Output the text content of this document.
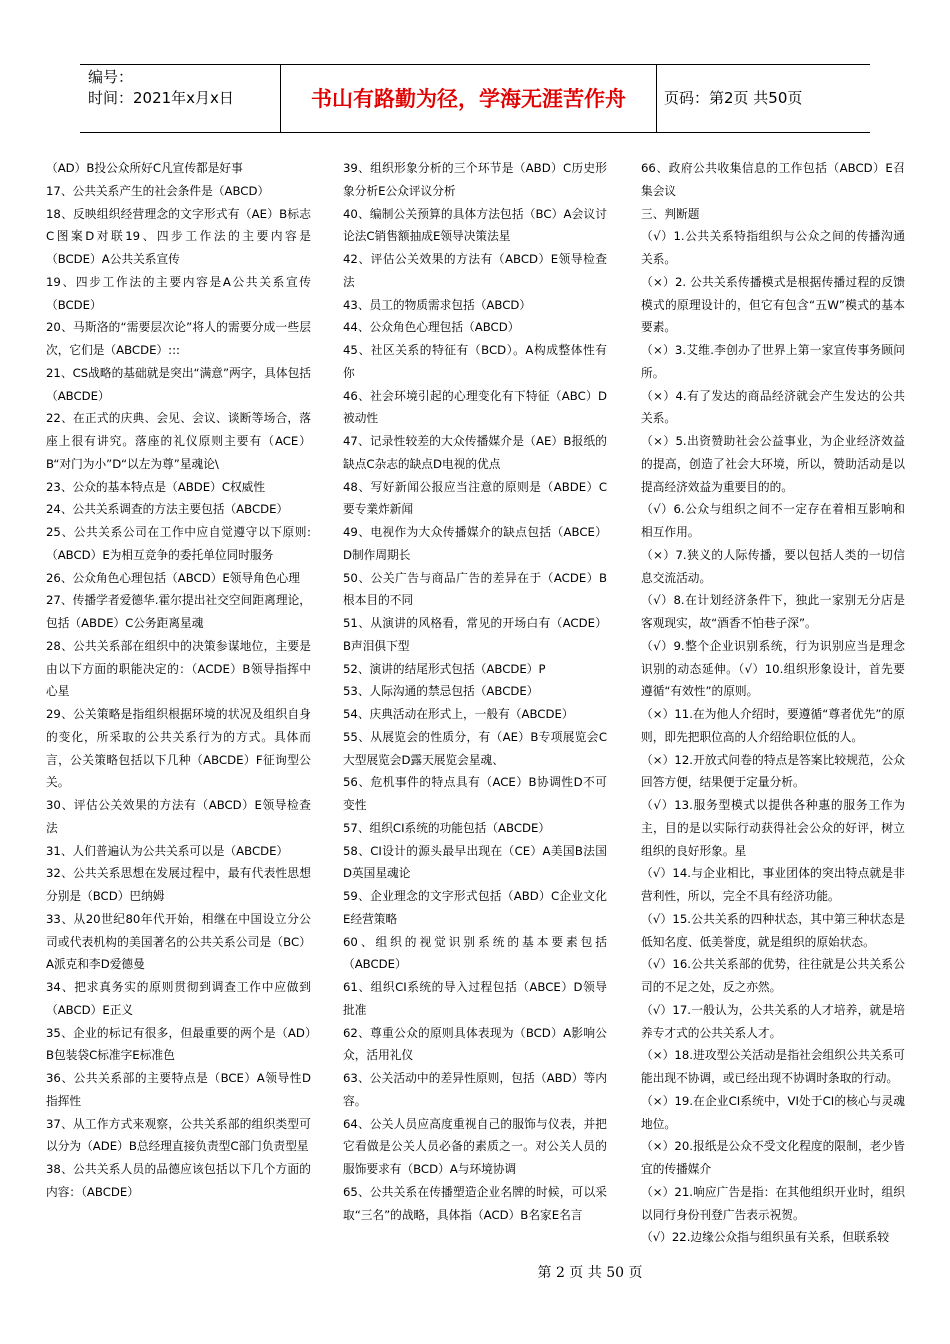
编号：
时间：2021年x月x日	书山有路勤为径，学海无涯苦作舟	页码：第2页 共50页

（AD）B投公众所好C凡宣传都是好事

17、公共关系产生的社会条件是（ABCD）

18、反映组织经营理念的文字形式有（AE）B标志C图案D对联19、四步工作法的主要内容是（BCDE）A公共关系宣传

19、四步工作法的主要内容是A公共关系宣传（BCDE）

20、马斯洛的“需要层次论”将人的需要分成一些层次，它们是（ABCDE）:::

21、CS战略的基础就是突出“满意”两字，具体包括（ABCDE）

22、在正式的庆典、会见、会议、谈断等场合，落座上很有讲究。落座的礼仪原则主要有（ACE）B“对门为小”D“以左为尊”星魂论\

23、公众的基本特点是（ABDE）C权威性

24、公共关系调查的方法主要包括（ABCDE）

25、公共关系公司在工作中应自觉遵守以下原则:（ABCD）E为相互竞争的委托单位同时服务

26、公众角色心理包括（ABCD）E领导角色心理

27、传播学者爱德华.霍尔提出社交空间距离理论，包括（ABDE）C公务距离星魂

28、公共关系部在组织中的决策参谋地位，主要是由以下方面的职能决定的：（ACDE）B领导指挥中心星

29、公关策略是指组织根据环境的状况及组织自身的变化，所采取的公共关系行为的方式。具体而言，公关策略包括以下几种（ABCDE）F征询型公关。

30、评估公关效果的方法有（ABCD）E领导检查法

31、人们普遍认为公共关系可以是（ABCDE）

32、公共关系思想在发展过程中，最有代表性思想分别是（BCD）巴纳姆

33、从20世纪80年代开始，相继在中国设立分公司或代表机构的美国著名的公共关系公司是（BC）A派克和李D爱德曼

34、把求真务实的原则贯彻到调查工作中应做到（ABCD）E正义

35、企业的标记有很多，但最重要的两个是（AD）B包装袋C标准字E标准色

36、公共关系部的主要特点是（BCE）A领导性D指挥性

37、从工作方式来观察，公共关系部的组织类型可以分为（ADE）B总经理直接负责型C部门负责型星

38、公共关系人员的品德应该包括以下几个方面的内容：（ABCDE）

39、组织形象分析的三个环节是（ABD）C历史形象分析E公众评议分析

40、编制公关预算的具体方法包括（BC）A会议讨论法C销售额抽成E领导决策法星

42、评估公关效果的方法有（ABCD）E领导检查法

43、员工的物质需求包括（ABCD）

44、公众角色心理包括（ABCD）

45、社区关系的特征有（BCD）。A构成整体性有你

46、社会环境引起的心理变化有下特征（ABC）D被动性

47、记录性较差的大众传播媒介是（AE）B报纸的缺点C杂志的缺点D电视的优点

48、写好新闻公报应当注意的原则是（ABDE）C要专業炸新闻

49、电视作为大众传播媒介的缺点包括（ABCE）D制作周期长

50、公关广告与商品广告的差异在于（ACDE）B根本目的不同

51、从演讲的风格看，常见的开场白有（ACDE）B声泪俱下型

52、演讲的结尾形式包括（ABCDE）P

53、人际沟通的禁忌包括（ABCDE）

54、庆典活动在形式上，一般有（ABCDE）

55、从展览会的性质分，有（AE）B专项展览会C大型展览会D露天展览会星魂、

56、危机事件的特点具有（ACE）B协调性D不可变性

57、组织CI系统的功能包括（ABCDE）

58、CI设计的源头最早出现在（CE）A美国B法国D英国星魂论

59、企业理念的文字形式包括（ABD）C企业文化E经营策略

60、组织的视觉识别系统的基本要素包括（ABCDE）

61、组织CI系统的导入过程包括（ABCE）D领导批准

62、尊重公众的原则具体表现为（BCD）A影响公众，活用礼仪

63、公关活动中的差异性原则，包括（ABD）等内容。

64、公关人员应高度重视自己的服饰与仪表，并把它看做是公关人员必备的素质之一。对公关人员的服饰要求有（BCD）A与环境协调

65、公共关系在传播塑造企业名牌的时候，可以采取“三名”的战略，具体指（ACD）B名家E名言

66、政府公共收集信息的工作包括（ABCD）E召集会议

三、判断题

（√）1.公共关系特指组织与公众之间的传播沟通关系。

（×）2. 公共关系传播模式是根据传播过程的反馈模式的原理设计的，但它有包含“五W”模式的基本要素。

（×）3.艾维.李创办了世界上第一家宣传事务顾问所。

（×）4.有了发达的商品经济就会产生发达的公共关系。

（×）5.出资赞助社会公益事业，为企业经济效益的提高，创造了社会大环境，所以，赞助活动是以提高经济效益为重要目的的。

（√）6.公众与组织之间不一定存在着相互影响和相互作用。

（×）7.狭义的人际传播，要以包括人类的一切信息交流活动。

（√）8.在计划经济条件下，独此一家别无分店是客观现实，故“酒香不怕巷子深”。

（√）9.整个企业识别系统，行为识别应当是理念识别的动态延伸。（√）10.组织形象设计，首先要遵循“有效性”的原则。

（×）11.在为他人介绍时，要遵循“尊者优先”的原则，即先把职位高的人介绍给职位低的人。

（×）12.开放式问卷的特点是答案比较规范，公众回答方便，结果便于定量分析。

（√）13.服务型模式以提供各种惠的服务工作为主，目的是以实际行动获得社会公众的好评，树立组织的良好形象。星

（√）14.与企业相比，事业团体的突出特点就是非营利性，所以，完全不具有经济功能。

（√）15.公共关系的四种状态，其中第三种状态是低知名度、低美誉度，就是组织的原始状态。

（√）16.公共关系部的优势，往往就是公共关系公司的不足之处，反之亦然。

（√）17.一般认为，公共关系的人才培养，就是培养专才式的公共关系人才。

（×）18.进攻型公关活动是指社会组织公共关系可能出现不协调，或已经出现不协调时条取的行动。

（×）19.在企业CI系统中，VI处于CI的核心与灵魂地位。

（×）20.报纸是公众不受文化程度的限制，老少皆宜的传播媒介

（×）21.响应广告是指：在其他组织开业时，组织以同行身份刊登广告表示祝贺。

（√）22.边缘公众指与组织虽有关系，但联系较

第 2 页 共 50 页
